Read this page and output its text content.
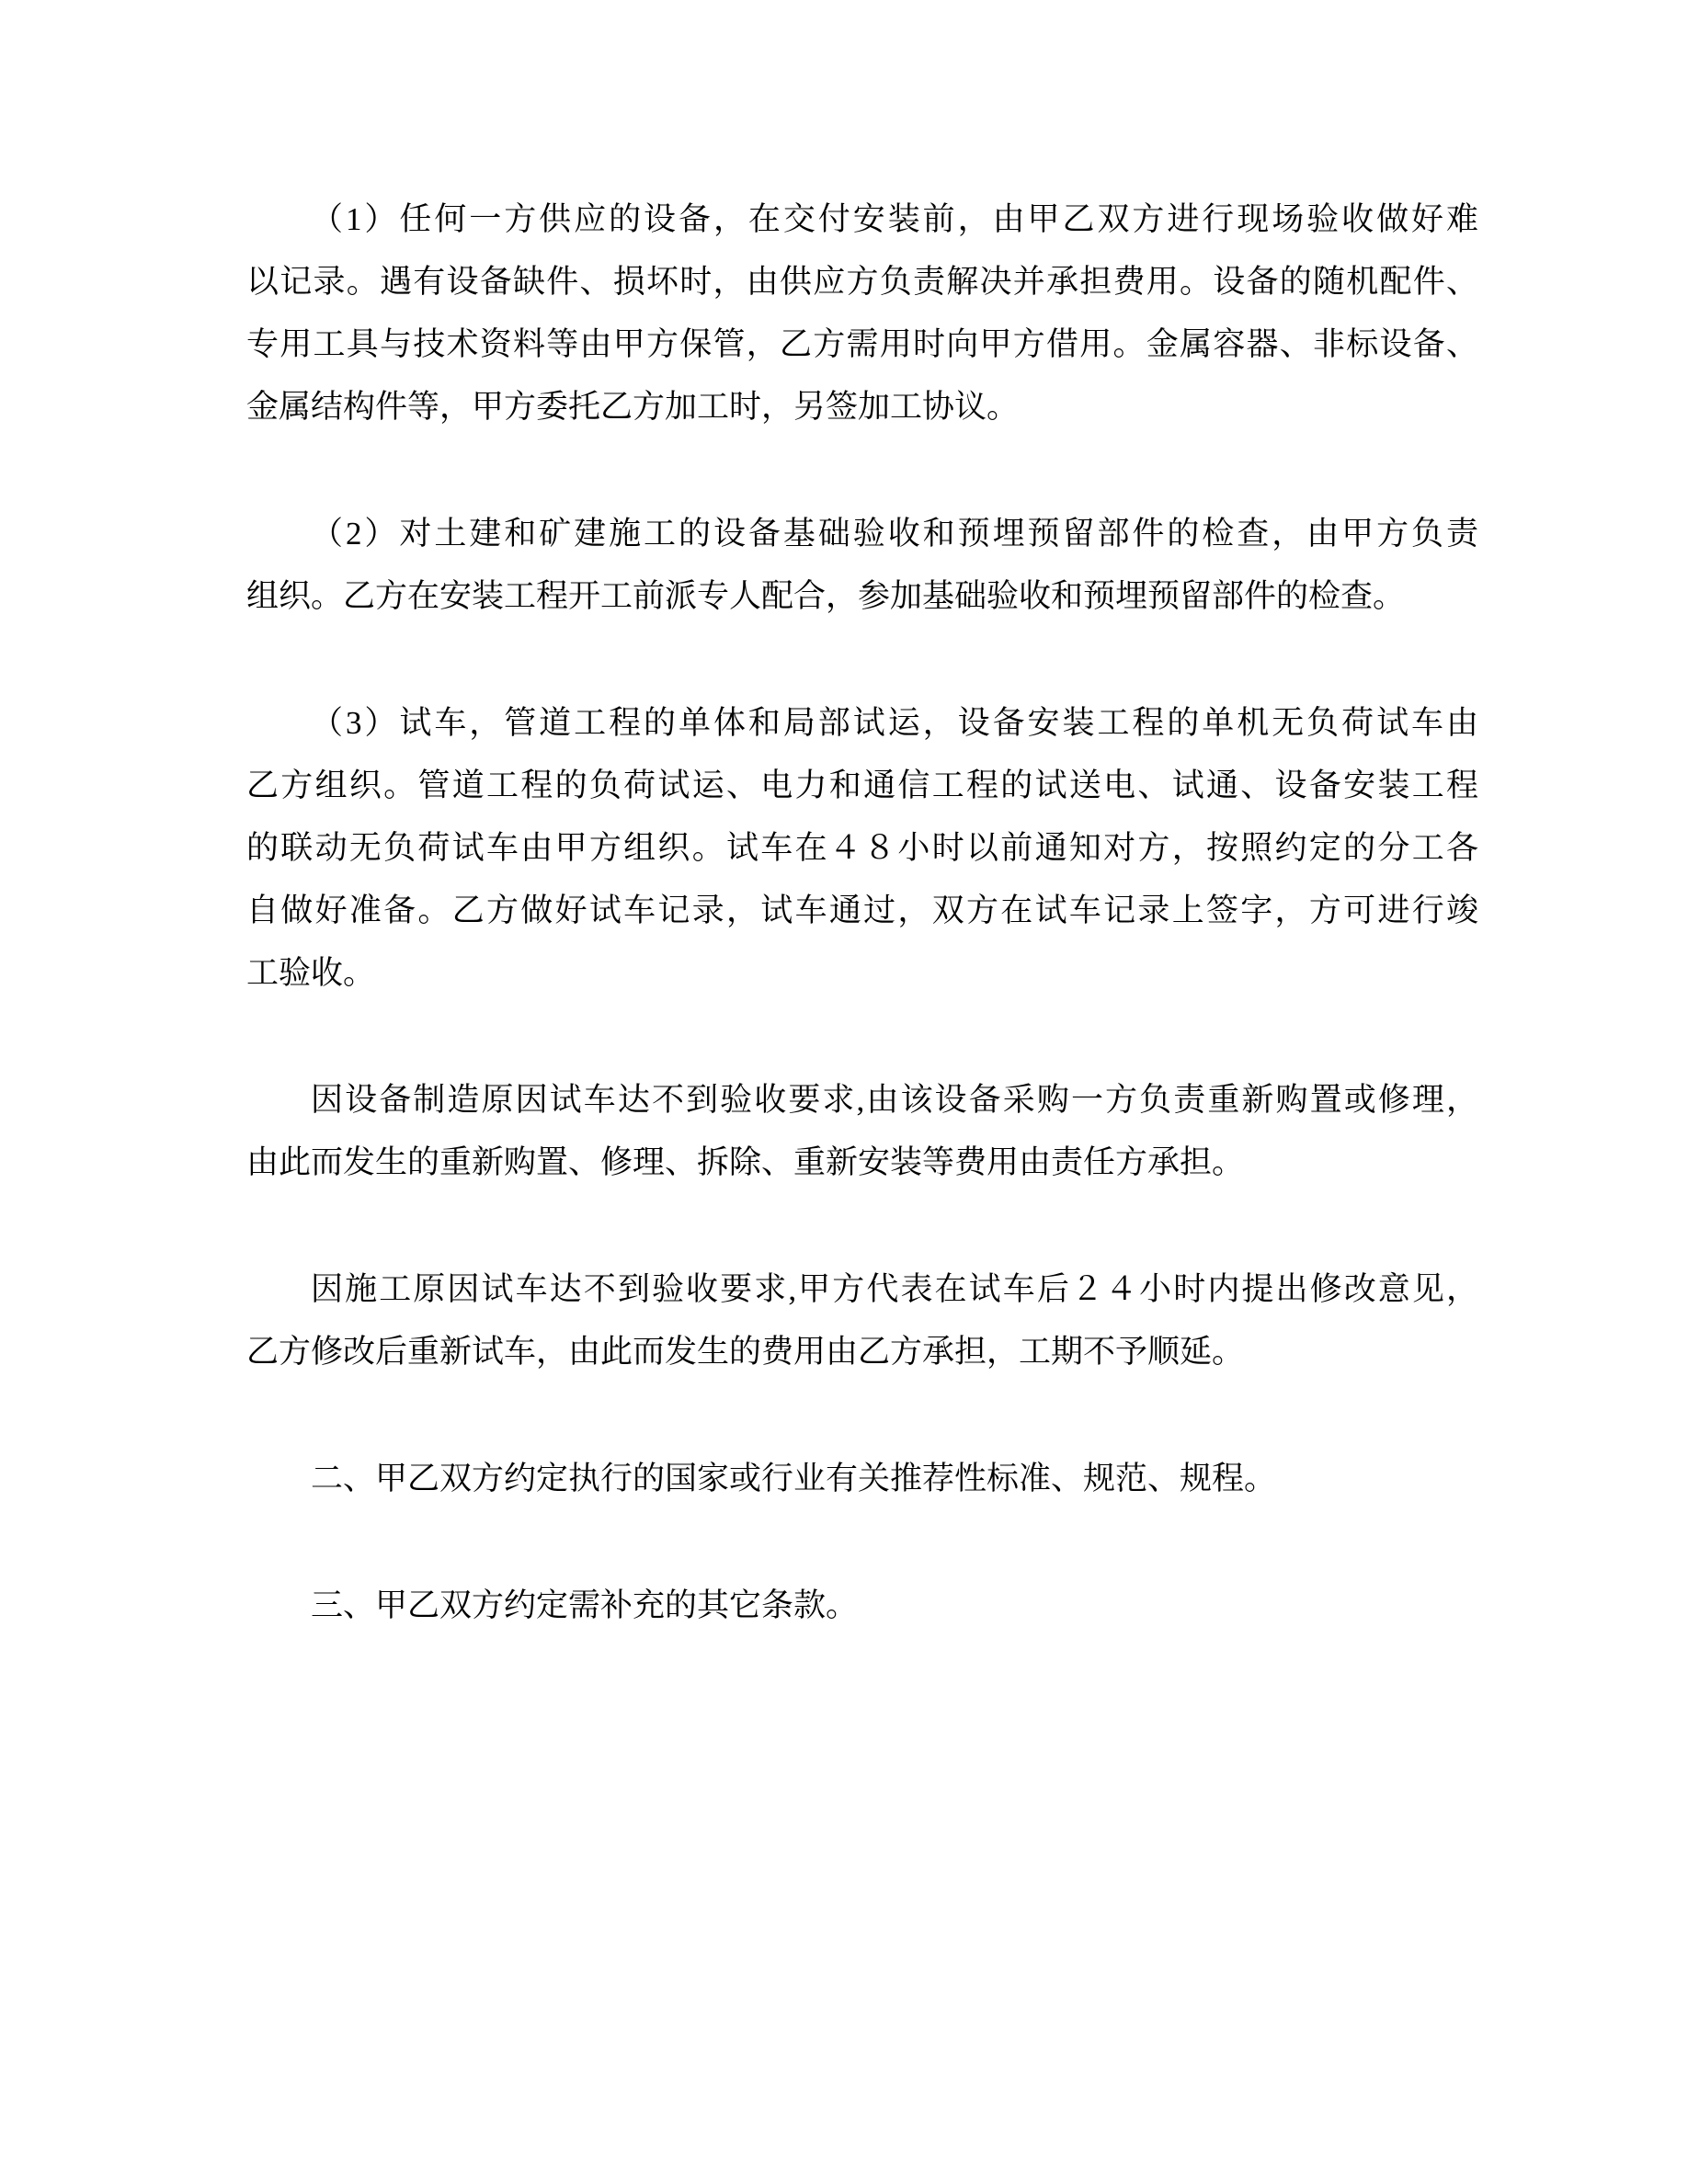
（1）任何一方供应的设备，在交付安装前，由甲乙双方进行现场验收做好难
以记录。遇有设备缺件、损坏时，由供应方负责解决并承担费用。设备的随机配件、
专用工具与技术资料等由甲方保管，乙方需用时向甲方借用。金属容器、非标设备、
金属结构件等，甲方委托乙方加工时，另签加工协议。
（2）对土建和矿建施工的设备基础验收和预埋预留部件的检查，由甲方负责
组织。乙方在安装工程开工前派专人配合，参加基础验收和预埋预留部件的检查。
（3）试车，管道工程的单体和局部试运，设备安装工程的单机无负荷试车由
乙方组织。管道工程的负荷试运、电力和通信工程的试送电、试通、设备安装工程
的联动无负荷试车由甲方组织。试车在４８小时以前通知对方，按照约定的分工各
自做好准备。乙方做好试车记录，试车通过，双方在试车记录上签字，方可进行竣
工验收。
因设备制造原因试车达不到验收要求,由该设备采购一方负责重新购置或修理，
由此而发生的重新购置、修理、拆除、重新安装等费用由责任方承担。
因施工原因试车达不到验收要求,甲方代表在试车后２４小时内提出修改意见，
乙方修改后重新试车，由此而发生的费用由乙方承担，工期不予顺延。
二、甲乙双方约定执行的国家或行业有关推荐性标准、规范、规程。
三、甲乙双方约定需补充的其它条款。
